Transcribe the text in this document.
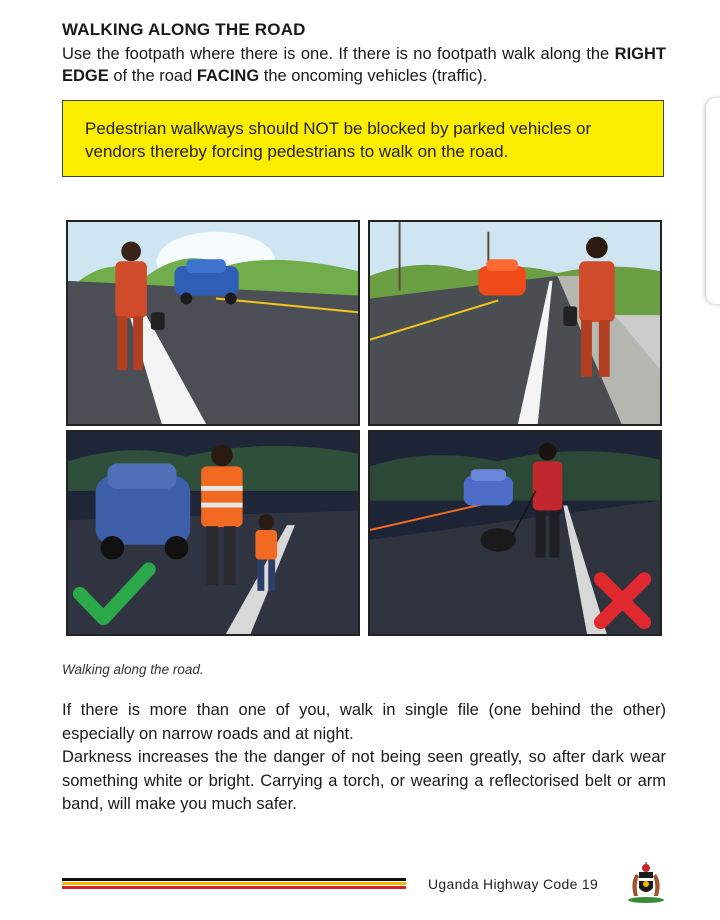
WALKING ALONG THE ROAD
Use the footpath where there is one. If there is no footpath walk along the RIGHT EDGE of the road FACING the oncoming vehicles (traffic).
Pedestrian walkways should NOT be blocked by parked vehicles or vendors thereby forcing pedestrians to walk on the road.
Walking along the road.

If there is more than one of you, walk in single file (one behind the other) especially on narrow roads and at night.

Darkness increases the the danger of not being seen greatly, so after dark wear something white or bright. Carrying a torch, or wearing a reflectorised belt or arm band, will make you much safer.

Uganda Highway Code 19
